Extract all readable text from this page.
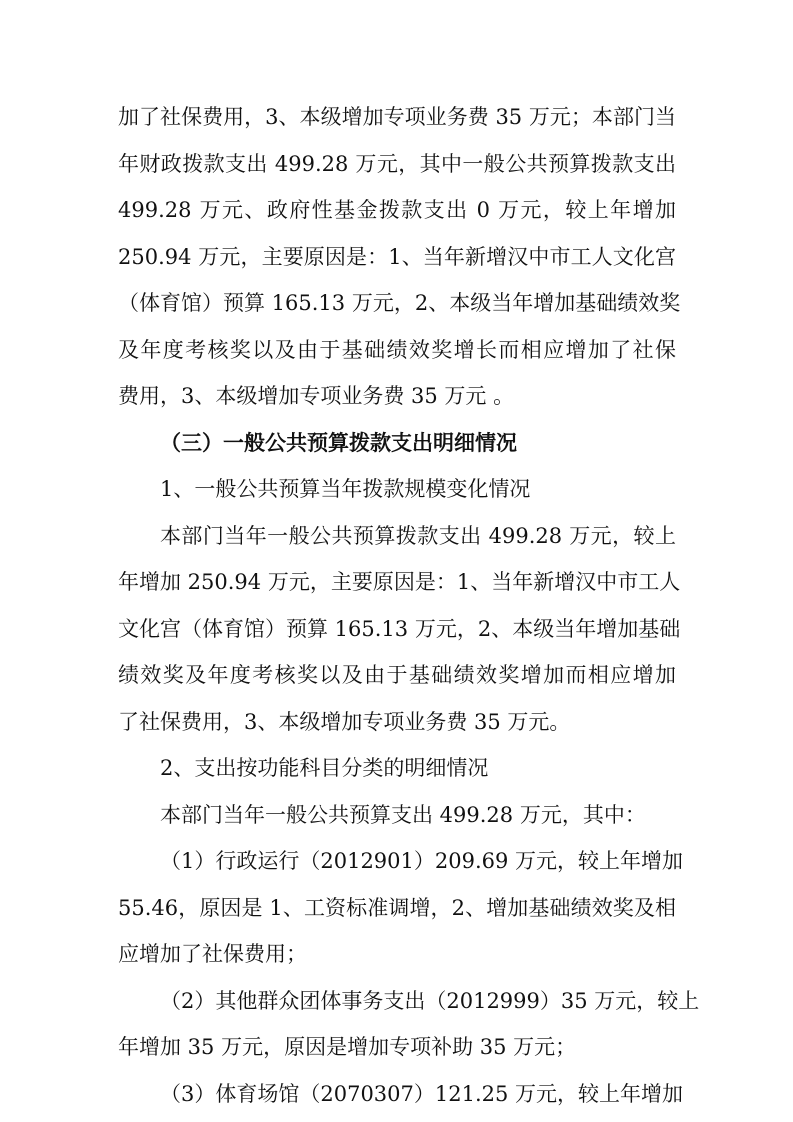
加了社保费用，3、本级增加专项业务费 35 万元；本部门当
年财政拨款支出 499.28 万元，其中一般公共预算拨款支出
499.28 万元、政府性基金拨款支出 0 万元，较上年增加
250.94 万元，主要原因是：1、当年新增汉中市工人文化宫
（体育馆）预算 165.13 万元，2、本级当年增加基础绩效奖
及年度考核奖以及由于基础绩效奖增长而相应增加了社保
费用，3、本级增加专项业务费 35 万元 。
（三）一般公共预算拨款支出明细情况
1、一般公共预算当年拨款规模变化情况
本部门当年一般公共预算拨款支出 499.28 万元，较上
年增加 250.94 万元，主要原因是：1、当年新增汉中市工人
文化宫（体育馆）预算 165.13 万元，2、本级当年增加基础
绩效奖及年度考核奖以及由于基础绩效奖增加而相应增加
了社保费用，3、本级增加专项业务费 35 万元。
2、支出按功能科目分类的明细情况
本部门当年一般公共预算支出 499.28 万元，其中：
（1）行政运行（2012901）209.69 万元，较上年增加
55.46，原因是 1、工资标准调增，2、增加基础绩效奖及相
应增加了社保费用；
（2）其他群众团体事务支出（2012999）35 万元，较上
年增加 35 万元，原因是增加专项补助 35 万元；
（3）体育场馆（2070307）121.25 万元，较上年增加
